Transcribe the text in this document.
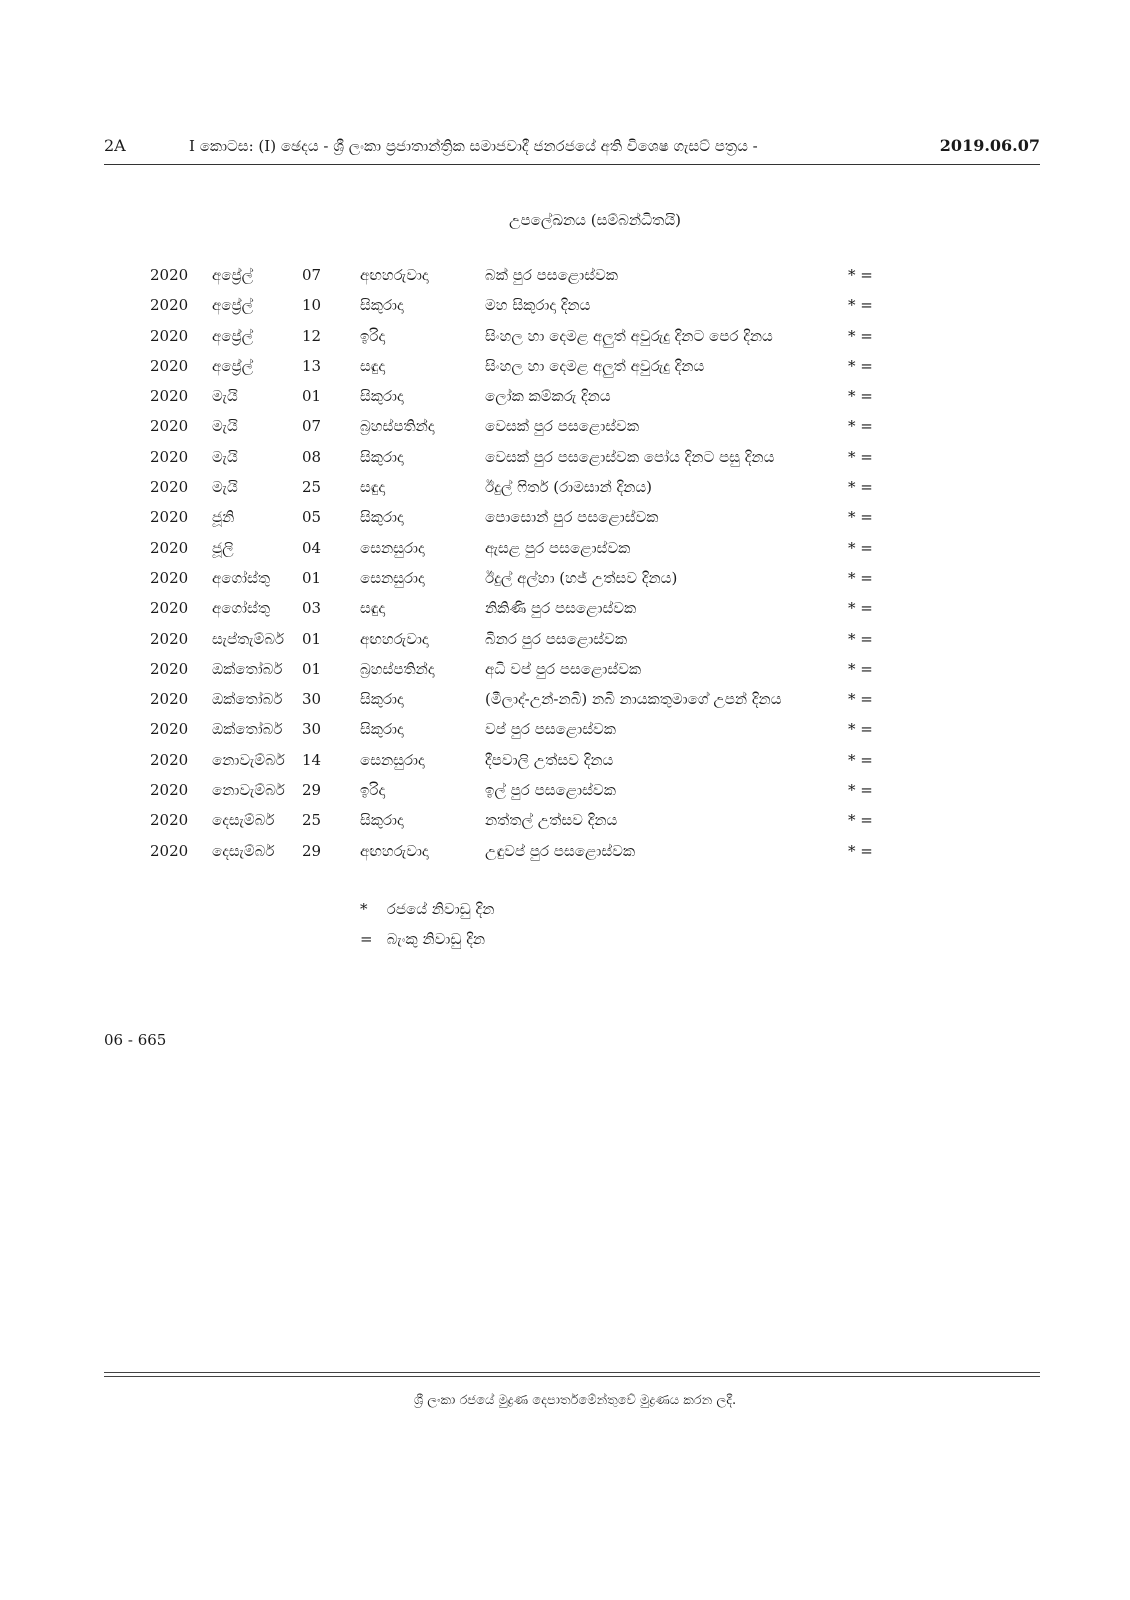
2A	I කොටස: (I) ඡෙදය - ශ්‍රී ලංකා ප්‍රජාතාන්ත්‍රික සමාජවාදී ජනරජයේ අති විශෙෂ ගැසට් පත්‍රය -	2019.06.07
උපලේඛනය (සම්බන්ධිතයි)
2020 අප්‍රේල්	07	අඟහරුවාදා	බක් පුර පසළොස්වක	* =
2020 අප්‍රේල්	10	සිකුරාදා	මහ සිකුරාදා දිනය	* =
2020 අප්‍රේල්	12	ඉරිදා	සිංහල හා දෙමළ අලුත් අවුරුදු දිනට පෙර දිනය	* =
2020 අප්‍රේල්	13	සඳුදා	සිංහල හා දෙමළ අලුත් අවුරුදු දිනය	* =
2020 මැයි	01	සිකුරාදා	ලෝක කම්කරු දිනය	* =
2020 මැයි	07	බ්‍රහස්පතින්දා	වෙසක් පුර පසළොස්වක	* =
2020 මැයි	08	සිකුරාදා	වෙසක් පුර පසළොස්වක පෝය දිනට පසු දිනය	* =
2020 මැයි	25	සඳුදා	ඊදුල් ෆිතර් (රාමසාන් දිනය)	* =
2020 ජූනි	05	සිකුරාදා	පොසොන් පුර පසළොස්වක	* =
2020 ජූලි	04	සෙනසුරාදා	ඇසළ පුර පසළොස්වක	* =
2020 අගෝස්තු 01	සෙනසුරාදා	ඊදුල් අල්හා (හජ් උත්සව දිනය)	* =
2020 අගෝස්තු 03	සඳුදා	නිකිණි පුර පසළොස්වක	* =
2020 සැප්තැම්බර් 01	අඟහරුවාදා	බිනර පුර පසළොස්වක	* =
2020 ඔක්තෝබර් 01	බ්‍රහස්පතින්දා	අධි වප් පුර පසළොස්වක	* =
2020 ඔක්තෝබර් 30	සිකුරාදා	(මීලාද්-උන්-නබි) නබි නායකතුමාගේ උපන් දිනය	* =
2020 ඔක්තෝබර් 30	සිකුරාදා	වප් පුර පසළොස්වක	* =
2020 නොවැම්බර් 14	සෙනසුරාදා	දීපවාලි උත්සව දිනය	* =
2020 නොවැම්බර් 29	ඉරිදා	ඉල් පුර පසළොස්වක	* =
2020 දෙසැම්බර් 25	සිකුරාදා	නත්තල් උත්සව දිනය	* =
2020 දෙසැම්බර් 29	අඟහරුවාදා	උඳුවප් පුර පසළොස්වක	* =
* රජයේ නිවාඩු දින
= බැංකු නිවාඩු දින
06 - 665
ශ්‍රී ලංකා රජයේ මුද්‍රණ දෙපාර්තමේන්තුවේ මුද්‍රණය කරන ලදී.
